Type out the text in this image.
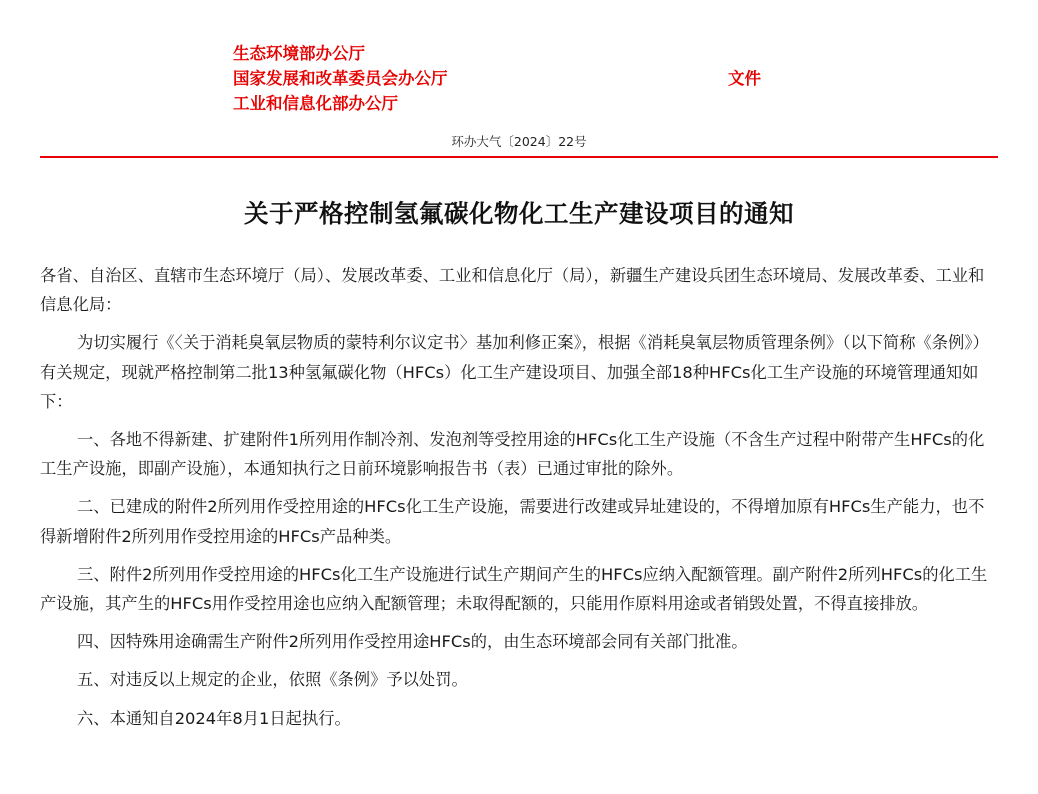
生态环境部办公厅
国家发展和改革委员会办公厅
工业和信息化部办公厅
文件
环办大气〔2024〕22号
关于严格控制氢氟碳化物化工生产建设项目的通知

各省、自治区、直辖市生态环境厅（局）、发展改革委、工业和信息化厅（局），新疆生产建设兵团生态环境局、发展改革委、工业和信息化局：

为切实履行《〈关于消耗臭氧层物质的蒙特利尔议定书〉基加利修正案》，根据《消耗臭氧层物质管理条例》（以下简称《条例》）有关规定，现就严格控制第二批13种氢氟碳化物（HFCs）化工生产建设项目、加强全部18种HFCs化工生产设施的环境管理通知如下：

一、各地不得新建、扩建附件1所列用作制冷剂、发泡剂等受控用途的HFCs化工生产设施（不含生产过程中附带产生HFCs的化工生产设施，即副产设施），本通知执行之日前环境影响报告书（表）已通过审批的除外。

二、已建成的附件2所列用作受控用途的HFCs化工生产设施，需要进行改建或异址建设的，不得增加原有HFCs生产能力，也不得新增附件2所列用作受控用途的HFCs产品种类。

三、附件2所列用作受控用途的HFCs化工生产设施进行试生产期间产生的HFCs应纳入配额管理。副产附件2所列HFCs的化工生产设施，其产生的HFCs用作受控用途也应纳入配额管理；未取得配额的，只能用作原料用途或者销毁处置，不得直接排放。

四、因特殊用途确需生产附件2所列用作受控用途HFCs的，由生态环境部会同有关部门批准。

五、对违反以上规定的企业，依照《条例》予以处罚。

六、本通知自2024年8月1日起执行。
